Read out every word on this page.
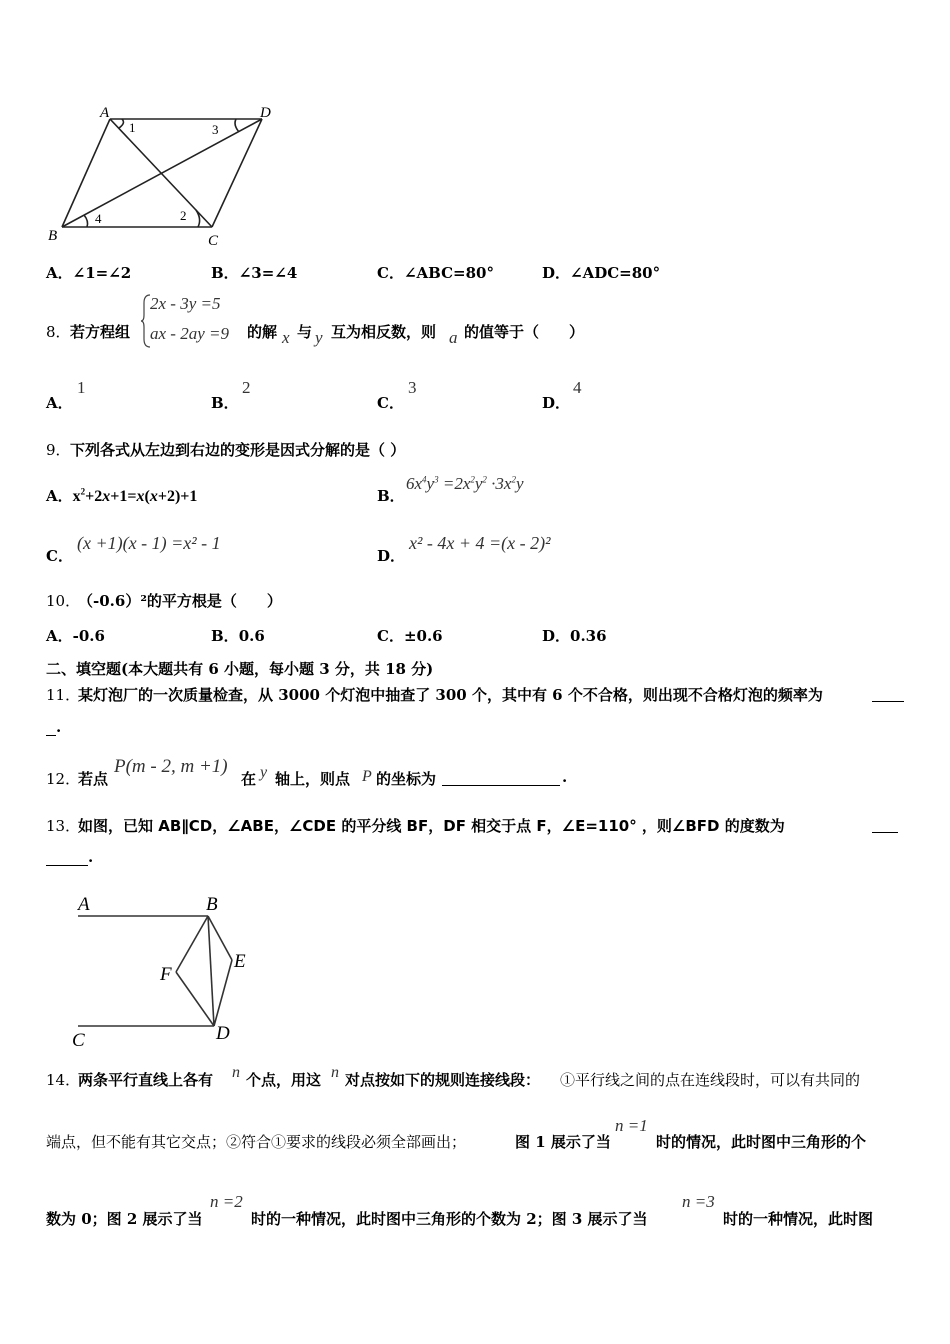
A	D
B	C
1	3
2
4
A．∠1=∠2	B．∠3=∠4	C．∠ABC=80°	D．∠ADC=80°
8． 若方程组
2x - 3y =5
ax - 2ay =9 的解 x 与 y 互为相反数，则 a 的值等于（　　）
A．
1
B．
2
C．
3
D．
4
9． 下列各式从左边到右边的变形是因式分解的是（ ）
A．$x^2+2x+1=x(x+2)+1$	B．
$6x^4y^3 =2x^2y^2 \cdot 3x^2y$
C．
(x +1)(x - 1) =x² - 1
D．
x² - 4x + 4 =(x - 2)²
10．
（-0.6）²的平方根是（　　）
A．-0.6	B．0.6	C．±0.6	D．0.36
二、填空题(本大题共有 6 小题，每小题 3 分，共 18 分)
11．
某灯泡厂的一次质量检查，从 3000 个灯泡中抽查了 300 个，其中有 6 个不合格，则出现不合格灯泡的频率为
.
12．
若点
P(m - 2, m +1)
在 y 轴上，则点 P 的坐标为	.
13．
如图，已知 AB∥CD，∠ABE，∠CDE 的平分线 BF，DF 相交于点 F，∠E=110° ，则∠BFD 的度数为
.
A	B
E
F
C	D
14．
两条平行直线上各有 n 个点，用这 n 对点按如下的规则连接线段： ①平行线之间的点在连线段时，可以有共同的
端点，但不能有其它交点；②符合①要求的线段必须全部画出；	图 1 展示了当
n =1
时的情况，此时图中三角形的个
数为 0；图 2 展示了当
n =2
时的一种情况，此时图中三角形的个数为 2；图 3 展示了当
n =3
时的一种情况，此时图
